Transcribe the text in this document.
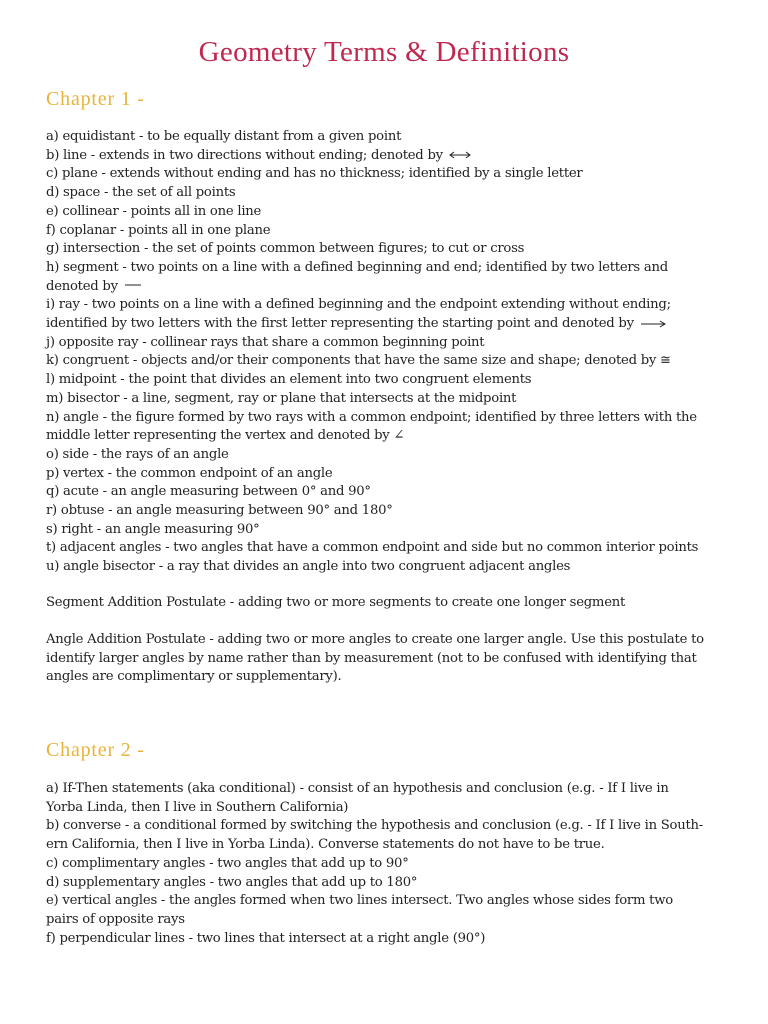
Geometry Terms & Definitions
Chapter 1 -
a) equidistant - to be equally distant from a given point
b) line - extends in two directions without ending; denoted by
c) plane - extends without ending and has no thickness; identified by a single letter
d) space - the set of all points
e) collinear - points all in one line
f) coplanar - points all in one plane
g) intersection - the set of points common between figures; to cut or cross
h) segment - two points on a line with a defined beginning and end; identified by two letters and
denoted by
i) ray - two points on a line with a defined beginning and the endpoint extending without ending;
identified by two letters with the first letter representing the starting point and denoted by
j) opposite ray - collinear rays that share a common beginning point
k) congruent - objects and/or their components that have the same size and shape; denoted by ≅
l) midpoint - the point that divides an element into two congruent elements
m) bisector - a line, segment, ray or plane that intersects at the midpoint
n) angle - the figure formed by two rays with a common endpoint; identified by three letters with the
middle letter representing the vertex and denoted by ∠
o) side - the rays of an angle
p) vertex - the common endpoint of an angle
q) acute - an angle measuring between 0° and 90°
r) obtuse - an angle measuring between 90° and 180°
s) right - an angle measuring 90°
t) adjacent angles - two angles that have a common endpoint and side but no common interior points
u) angle bisector - a ray that divides an angle into two congruent adjacent angles
Segment Addition Postulate - adding two or more segments to create one longer segment
Angle Addition Postulate - adding two or more angles to create one larger angle. Use this postulate to
identify larger angles by name rather than by measurement (not to be confused with identifying that
angles are complimentary or supplementary).
Chapter 2 -
a) If-Then statements (aka conditional) - consist of an hypothesis and conclusion (e.g. - If I live in
Yorba Linda, then I live in Southern California)
b) converse - a conditional formed by switching the hypothesis and conclusion (e.g. - If I live in South-
ern California, then I live in Yorba Linda). Converse statements do not have to be true.
c) complimentary angles - two angles that add up to 90°
d) supplementary angles - two angles that add up to 180°
e) vertical angles - the angles formed when two lines intersect. Two angles whose sides form two
pairs of opposite rays
f) perpendicular lines - two lines that intersect at a right angle (90°)
